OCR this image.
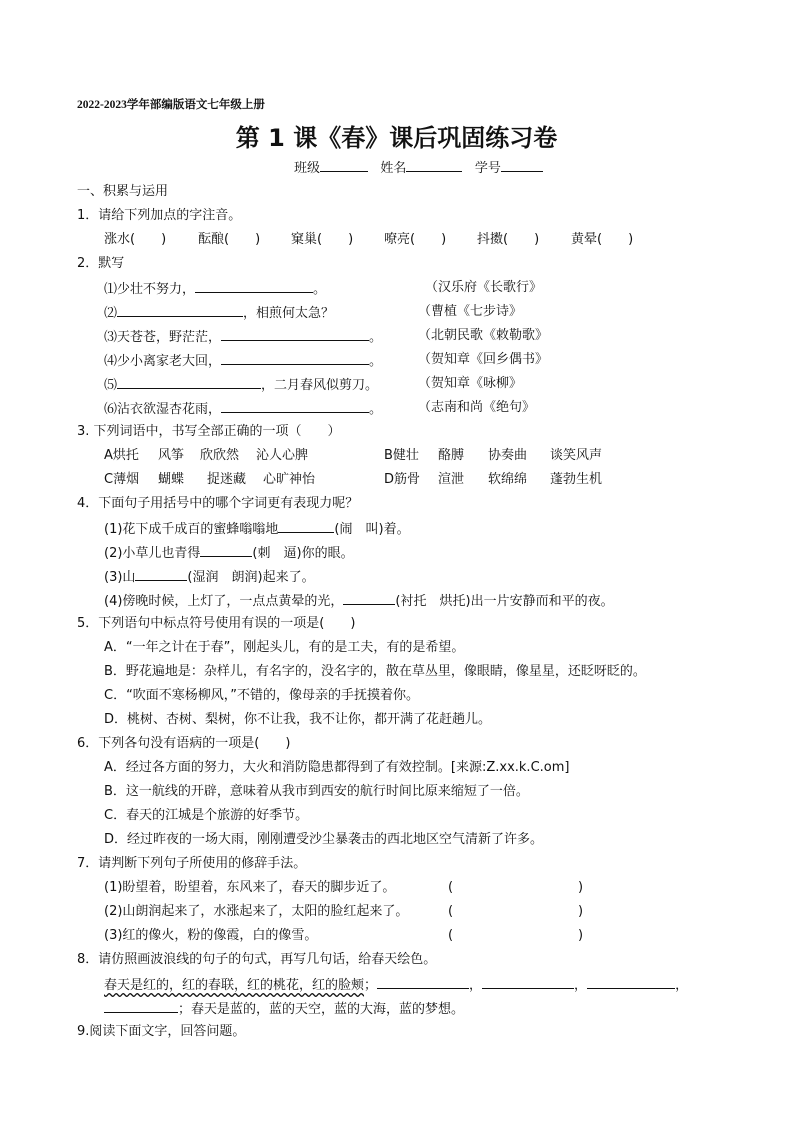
2022-2023学年部编版语文七年级上册
第 1 课《春》课后巩固练习卷
班级	姓名	学号
一、积累与运用
1．请给下列加点的字注音。
涨水(　　) 酝酿(　　) 窠巢(　　) 嘹亮(　　) 抖擞(　　) 黄晕(　　)
2．默写
⑴少壮不努力，	。	（汉乐府《长歌行》
⑵	，相煎何太急？	（曹植《七步诗》
⑶天苍苍，野茫茫，	。	（北朝民歌《敕勒歌》
⑷少小离家老大回，	。	（贺知章《回乡偶书》
⑸	，二月春风似剪刀。	（贺知章《咏柳》
⑹沾衣欲湿杏花雨，	。	（志南和尚《绝句》
3. 下列词语中，书写全部正确的一项（　　）
A烘托 风筝 欣欣然 沁人心脾	B健壮 酪膊 协奏曲 谈笑风声
C薄烟 蝴蝶 捉迷藏 心旷神怡	D筋骨 渲泄 软绵绵 蓬勃生机
4．下面句子用括号中的哪个字词更有表现力呢？
(1)花下成千成百的蜜蜂嗡嗡地	(闹　叫)着。
(2)小草儿也青得	(刺　逼)你的眼。
(3)山	(湿润　朗润)起来了。
(4)傍晚时候，上灯了，一点点黄晕的光，	(衬托　烘托)出一片安静而和平的夜。
5．下列语句中标点符号使用有误的一项是(　　)
A．“一年之计在于春”，刚起头儿，有的是工夫，有的是希望。
B．野花遍地是：杂样儿，有名字的，没名字的，散在草丛里，像眼睛，像星星，还眨呀眨的。
C．“吹面不寒杨柳风，”不错的，像母亲的手抚摸着你。
D．桃树、杏树、梨树，你不让我，我不让你，都开满了花赶趟儿。
6．下列各句没有语病的一项是(　　)
A．经过各方面的努力，大火和消防隐患都得到了有效控制。[来源:Z.xx.k.C.om]
B．这一航线的开辟，意味着从我市到西安的航行时间比原来缩短了一倍。
C．春天的江城是个旅游的好季节。
D．经过昨夜的一场大雨，刚刚遭受沙尘暴袭击的西北地区空气清新了许多。
7．请判断下列句子所使用的修辞手法。
(1)盼望着，盼望着，东风来了，春天的脚步近了。	(	)
(2)山朗润起来了，水涨起来了，太阳的脸红起来了。	(	)
(3)红的像火，粉的像霞，白的像雪。	(	)
8．请仿照画波浪线的句子的句式，再写几句话，给春天绘色。
春天是红的，红的春联，红的桃花，红的脸颊；	，	，	，
；春天是蓝的，蓝的天空，蓝的大海，蓝的梦想。
9.阅读下面文字，回答问题。
